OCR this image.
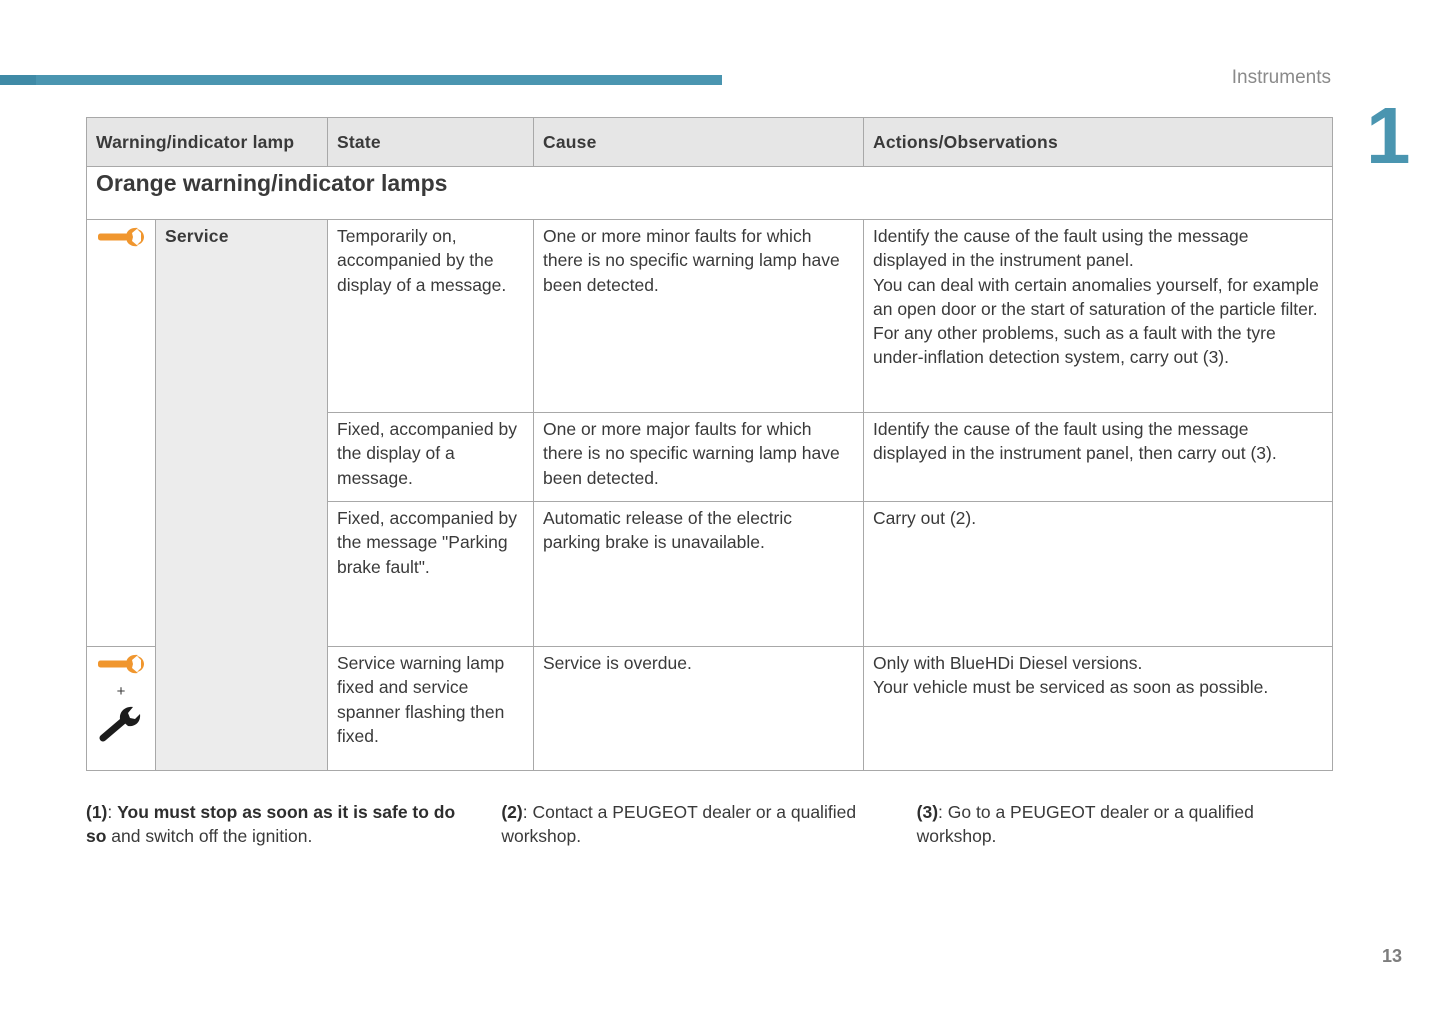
Instruments
1
Warning/indicator lamp		State	Cause	Actions/Observations
Orange warning/indicator lamps				
	Service	Temporarily on, accompanied by the display of a message.	One or more minor faults for which there is no specific warning lamp have been detected.	Identify the cause of the fault using the message displayed in the instrument panel.
You can deal with certain anomalies yourself, for example an open door or the start of saturation of the particle filter.
For any other problems, such as a fault with the tyre under-inflation detection system, carry out (3).

		Fixed, accompanied by the display of a message.	One or more major faults for which there is no specific warning lamp have been detected.	Identify the cause of the fault using the message displayed in the instrument panel, then carry out (3).

		Fixed, accompanied by the message "Parking brake fault".	Automatic release of the electric parking brake is unavailable.	Carry out (2).

+		Service warning lamp fixed and service spanner flashing then fixed.	Service is overdue.	Only with BlueHDi Diesel versions.
Your vehicle must be serviced as soon as possible.
(1): You must stop as soon as it is safe to do so and switch off the ignition.
(2): Contact a PEUGEOT dealer or a qualified workshop.
(3): Go to a PEUGEOT dealer or a qualified workshop.
13
